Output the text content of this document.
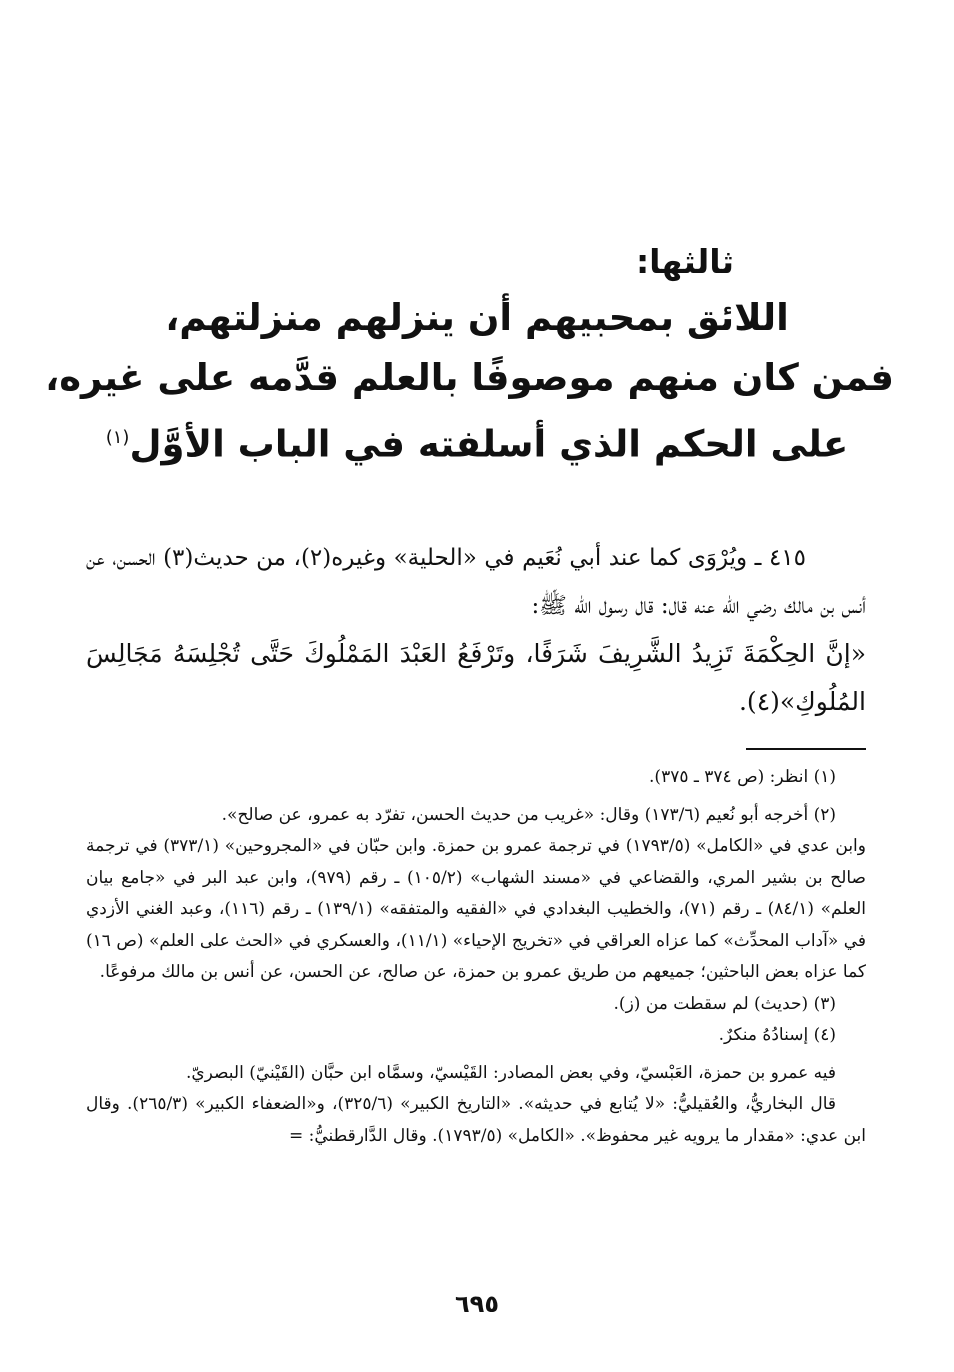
ثالثها:
اللائق بمحبيهم أن ينزلهم منزلتهم،
فمن كان منهم موصوفًا بالعلم قدَّمه على غيره،
على الحكم الذي أسلفته في الباب الأوَّل$^{(١)}$

٤١٥ ـ ويُرْوَى كما عند أبي نُعَيم في «الحلية» وغيره(٢)، من حديث(٣) الحسن، عن أنس بن مالك رضي الله عنه قال: قال رسول الله ﷺ:

«إنَّ الحِكْمَةَ تَزِيدُ الشَّرِيفَ شَرَفًا، وتَرْفَعُ العَبْدَ المَمْلُوكَ حَتَّى تُجْلِسَهُ مَجَالِسَ المُلُوكِ»(٤).

(١) انظر: (ص ٣٧٤ ـ ٣٧٥).

(٢) أخرجه أبو نُعيم (١٧٣/٦) وقال: «غريب من حديث الحسن، تفرّد به عمرو، عن صالح».

وابن عدي في «الكامل» (١٧٩٣/٥) في ترجمة عمرو بن حمزة. وابن حبّان في «المجروحين» (٣٧٣/١) في ترجمة صالح بن بشير المري، والقضاعي في «مسند الشهاب» (١٠٥/٢) ـ رقم (٩٧٩)، وابن عبد البر في «جامع بيان العلم» (٨٤/١) ـ رقم (٧١)، والخطيب البغدادي في «الفقيه والمتفقه» (١٣٩/١) ـ رقم (١١٦)، وعبد الغني الأزدي في «آداب المحدِّث» كما عزاه العراقي في «تخريج الإحياء» (١١/١)، والعسكري في «الحث على العلم» (ص ١٦) كما عزاه بعض الباحثين؛ جميعهم من طريق عمرو بن حمزة، عن صالح، عن الحسن، عن أنس بن مالك مرفوعًا.

(٣) (حديث) لم سقطت من (ز).

(٤) إسنادُهُ منكرٌ.

فيه عمرو بن حمزة، العَبْسيّ، وفي بعض المصادر: القَيْسيّ، وسمَّاه ابن حبَّان (القَيْنيّ) البصريّ.

قال البخاريُّ، والعُقيليُّ: «لا يُتابع في حديثه». «التاريخ الكبير» (٣٢٥/٦)، و«الضعفاء الكبير» (٢٦٥/٣). وقال ابن عدي: «مقدار ما يرويه غير محفوظ». «الكامل» (١٧٩٣/٥). وقال الدَّارقطنيُّ: =

٦٩٥
